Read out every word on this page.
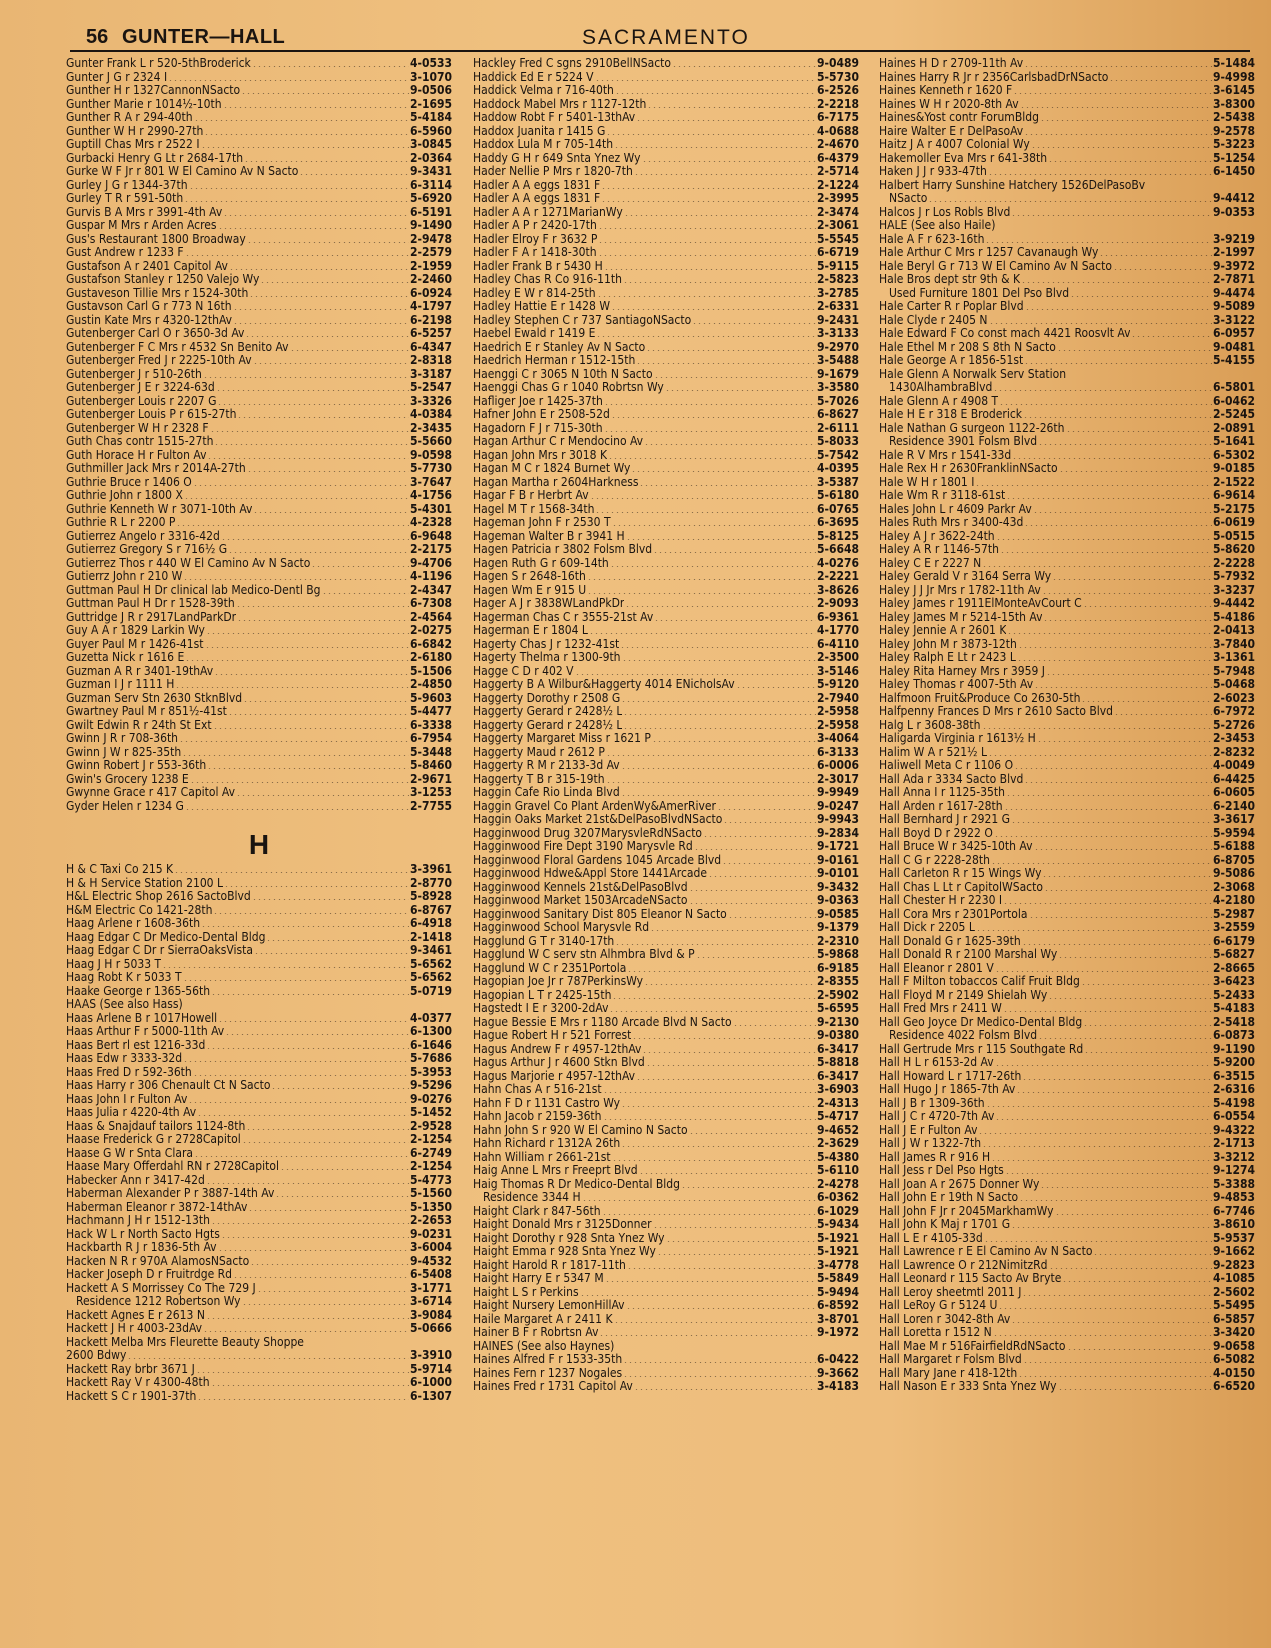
56 GUNTER—HALL	SACRAMENTO
Gunter Frank L r 520-5thBroderick	4-0533
Gunter J G r 2324 I	3-1070
Gunther H r 1327CannonNSacto	9-0506
Gunther Marie r 1014½-10th	2-1695
Gunther R A r 294-40th	5-4184
Gunther W H r 2990-27th	6-5960
Guptill Chas Mrs r 2522 I	3-0845
Gurbacki Henry G Lt r 2684-17th	2-0364
Gurke W F Jr r 801 W El Camino Av N Sacto	9-3431
Gurley J G r 1344-37th	6-3114
Gurley T R r 591-50th	5-6920
Gurvis B A Mrs r 3991-4th Av	6-5191
Guspar M Mrs r Arden Acres	9-1490
Gus's Restaurant 1800 Broadway	2-9478
Gust Andrew r 1233 F	2-2579
Gustafson A r 2401 Capitol Av	2-1959
Gustafson Stanley r 1250 Valejo Wy	2-2460
Gustaveson Tillie Mrs r 1524-30th	6-0924
Gustavson Carl G r 773 N 16th	4-1797
Gustin Kate Mrs r 4320-12thAv	6-2198
Gutenberger Carl O r 3650-3d Av	6-5257
Gutenberger F C Mrs r 4532 Sn Benito Av	6-4347
Gutenberger Fred J r 2225-10th Av	2-8318
Gutenberger J r 510-26th	3-3187
Gutenberger J E r 3224-63d	5-2547
Gutenberger Louis r 2207 G	3-3326
Gutenberger Louis P r 615-27th	4-0384
Gutenberger W H r 2328 F	2-3435
Guth Chas contr 1515-27th	5-5660
Guth Horace H r Fulton Av	9-0598
Guthmiller Jack Mrs r 2014A-27th	5-7730
Guthrie Bruce r 1406 O	3-7647
Guthrie John r 1800 X	4-1756
Guthrie Kenneth W r 3071-10th Av	5-4301
Guthrie R L r 2200 P	4-2328
Gutierrez Angelo r 3316-42d	6-9648
Gutierrez Gregory S r 716½ G	2-2175
Gutierrez Thos r 440 W El Camino Av N Sacto	9-4706
Gutierrz John r 210 W	4-1196
Guttman Paul H Dr clinical lab Medico-Dentl Bg	2-4347
Guttman Paul H Dr r 1528-39th	6-7308
Guttridge J R r 2917LandParkDr	2-4564
Guy A A r 1829 Larkin Wy	2-0275
Guyer Paul M r 1426-41st	6-6842
Guzetta Nick r 1616 E	2-6180
Guzman A R r 3401-19thAv	5-1506
Guzman I J r 1111 H	2-4850
Guzman Serv Stn 2630 StknBlvd	5-9603
Gwartney Paul M r 851½-41st	5-4477
Gwilt Edwin R r 24th St Ext	6-3338
Gwinn J R r 708-36th	6-7954
Gwinn J W r 825-35th	5-3448
Gwinn Robert J r 553-36th	5-8460
Gwin's Grocery 1238 E	2-9671
Gwynne Grace r 417 Capitol Av	3-1253
Gyder Helen r 1234 G	2-7755
H
H & C Taxi Co 215 K	3-3961
H & H Service Station 2100 L	2-8770
H&L Electric Shop 2616 SactoBlvd	5-8928
H&M Electric Co 1421-28th	6-8767
Haag Arlene r 1608-36th	6-4918
Haag Edgar C Dr Medico-Dental Bldg	2-1418
Haag Edgar C Dr r SierraOaksVista	9-3461
Haag J H r 5033 T	5-6562
Haag Robt K r 5033 T	5-6562
Haake George r 1365-56th	5-0719
HAAS (See also Hass)
Haas Arlene B r 1017Howell	4-0377
Haas Arthur F r 5000-11th Av	6-1300
Haas Bert rl est 1216-33d	6-1646
Haas Edw r 3333-32d	5-7686
Haas Fred D r 592-36th	5-3953
Haas Harry r 306 Chenault Ct N Sacto	9-5296
Haas John I r Fulton Av	9-0276
Haas Julia r 4220-4th Av	5-1452
Haas & Snajdauf tailors 1124-8th	2-9528
Haase Frederick G r 2728Capitol	2-1254
Haase G W r Snta Clara	6-2749
Haase Mary Offerdahl RN r 2728Capitol	2-1254
Habecker Ann r 3417-42d	5-4773
Haberman Alexander P r 3887-14th Av	5-1560
Haberman Eleanor r 3872-14thAv	5-1350
Hachmann J H r 1512-13th	2-2653
Hack W L r North Sacto Hgts	9-0231
Hackbarth R J r 1836-5th Av	3-6004
Hacken N R r 970A AlamosNSacto	9-4532
Hacker Joseph D r Fruitrdge Rd	6-5408
Hackett A S Morrissey Co The 729 J	3-1771
Residence 1212 Robertson Wy	3-6714
Hackett Agnes E r 2613 N	3-9084
Hackett J H r 4003-23dAv	5-0666
Hackett Melba Mrs Fleurette Beauty Shoppe
2600 Bdwy	3-3910
Hackett Ray brbr 3671 J	5-9714
Hackett Ray V r 4300-48th	6-1000
Hackett S C r 1901-37th	6-1307
Hackley Fred C sgns 2910BellNSacto	9-0489
Haddick Ed E r 5224 V	5-5730
Haddick Velma r 716-40th	6-2526
Haddock Mabel Mrs r 1127-12th	2-2218
Haddow Robt F r 5401-13thAv	6-7175
Haddox Juanita r 1415 G	4-0688
Haddox Lula M r 705-14th	2-4670
Haddy G H r 649 Snta Ynez Wy	6-4379
Hader Nellie P Mrs r 1820-7th	2-5714
Hadler A A eggs 1831 F	2-1224
Hadler A A eggs 1831 F	2-3995
Hadler A A r 1271MarianWy	2-3474
Hadler A P r 2420-17th	2-3061
Hadler Elroy F r 3632 P	5-5545
Hadler F A r 1418-30th	6-6719
Hadler Frank B r 5430 H	5-9115
Hadley Chas R Co 916-11th	2-5823
Hadley E W r 814-25th	3-2785
Hadley Hattie E r 1428 W	2-6331
Hadley Stephen C r 737 SantiagoNSacto	9-2431
Haebel Ewald r 1419 E	3-3133
Haedrich E r Stanley Av N Sacto	9-2970
Haedrich Herman r 1512-15th	3-5488
Haenggi C r 3065 N 10th N Sacto	9-1679
Haenggi Chas G r 1040 Robrtsn Wy	3-3580
Hafliger Joe r 1425-37th	5-7026
Hafner John E r 2508-52d	6-8627
Hagadorn F J r 715-30th	2-6111
Hagan Arthur C r Mendocino Av	5-8033
Hagan John Mrs r 3018 K	5-7542
Hagan M C r 1824 Burnet Wy	4-0395
Hagan Martha r 2604Harkness	3-5387
Hagar F B r Herbrt Av	5-6180
Hagel M T r 1568-34th	6-0765
Hageman John F r 2530 T	6-3695
Hageman Walter B r 3941 H	5-8125
Hagen Patricia r 3802 Folsm Blvd	5-6648
Hagen Ruth G r 609-14th	4-0276
Hagen S r 2648-16th	2-2221
Hagen Wm E r 915 U	3-8626
Hager A J r 3838WLandPkDr	2-9093
Hagerman Chas C r 3555-21st Av	6-9361
Hagerman E r 1804 L	4-1770
Hagerty Chas J r 1232-41st	6-4110
Hagerty Thelma r 1300-9th	2-3500
Hagge C D r 402 V	3-5146
Haggerty B A Wilbur&Haggerty 4014 ENicholsAv	5-9120
Haggerty Dorothy r 2508 G	2-7940
Haggerty Gerard r 2428½ L	2-5958
Haggerty Gerard r 2428½ L	2-5958
Haggerty Margaret Miss r 1621 P	3-4064
Haggerty Maud r 2612 P	6-3133
Haggerty R M r 2133-3d Av	6-0006
Haggerty T B r 315-19th	2-3017
Haggin Cafe Rio Linda Blvd	9-9949
Haggin Gravel Co Plant ArdenWy&AmerRiver	9-0247
Haggin Oaks Market 21st&DelPasoBlvdNSacto	9-9943
Hagginwood Drug 3207MarysvleRdNSacto	9-2834
Hagginwood Fire Dept 3190 Marysvle Rd	9-1721
Hagginwood Floral Gardens 1045 Arcade Blvd	9-0161
Hagginwood Hdwe&Appl Store 1441Arcade	9-0101
Hagginwood Kennels 21st&DelPasoBlvd	9-3432
Hagginwood Market 1503ArcadeNSacto	9-0363
Hagginwood Sanitary Dist 805 Eleanor N Sacto	9-0585
Hagginwood School Marysvle Rd	9-1379
Hagglund G T r 3140-17th	2-2310
Hagglund W C serv stn Alhmbra Blvd & P	5-9868
Hagglund W C r 2351Portola	6-9185
Hagopian Joe Jr r 787PerkinsWy	2-8355
Hagopian L T r 2425-15th	2-5902
Hagstedt I E r 3200-2dAv	5-6595
Hague Bessie E Mrs r 1180 Arcade Blvd N Sacto	9-2130
Hague Robert H r 521 Forrest	9-0380
Hagus Andrew F r 4957-12thAv	6-3417
Hagus Arthur J r 4600 Stkn Blvd	5-8818
Hagus Marjorie r 4957-12thAv	6-3417
Hahn Chas A r 516-21st	3-6903
Hahn F D r 1131 Castro Wy	2-4313
Hahn Jacob r 2159-36th	5-4717
Hahn John S r 920 W El Camino N Sacto	9-4652
Hahn Richard r 1312A 26th	2-3629
Hahn William r 2661-21st	5-4380
Haig Anne L Mrs r Freeprt Blvd	5-6110
Haig Thomas R Dr Medico-Dental Bldg	2-4278
Residence 3344 H	6-0362
Haight Clark r 847-56th	6-1029
Haight Donald Mrs r 3125Donner	5-9434
Haight Dorothy r 928 Snta Ynez Wy	5-1921
Haight Emma r 928 Snta Ynez Wy	5-1921
Haight Harold R r 1817-11th	3-4778
Haight Harry E r 5347 M	5-5849
Haight L S r Perkins	5-9494
Haight Nursery LemonHillAv	6-8592
Haile Margaret A r 2411 K	3-8701
Hainer B F r Robrtsn Av	9-1972
HAINES (See also Haynes)
Haines Alfred F r 1533-35th	6-0422
Haines Fern r 1237 Nogales	9-3662
Haines Fred r 1731 Capitol Av	3-4183
Haines H D r 2709-11th Av	5-1484
Haines Harry R Jr r 2356CarlsbadDrNSacto	9-4998
Haines Kenneth r 1620 F	3-6145
Haines W H r 2020-8th Av	3-8300
Haines&Yost contr ForumBldg	2-5438
Haire Walter E r DelPasoAv	9-2578
Haitz J A r 4007 Colonial Wy	5-3223
Hakemoller Eva Mrs r 641-38th	5-1254
Haken J J r 933-47th	6-1450
Halbert Harry Sunshine Hatchery 1526DelPasoBv
NSacto	9-4412
Halcos J r Los Robls Blvd	9-0353
HALE (See also Haile)
Hale A F r 623-16th	3-9219
Hale Arthur C Mrs r 1257 Cavanaugh Wy	2-1997
Hale Beryl G r 713 W El Camino Av N Sacto	9-3972
Hale Bros dept str 9th & K	2-7871
Used Furniture 1801 Del Pso Blvd	9-4474
Hale Carter R r Poplar Blvd	9-5089
Hale Clyde r 2405 N	3-3122
Hale Edward F Co const mach 4421 Roosvlt Av	6-0957
Hale Ethel M r 208 S 8th N Sacto	9-0481
Hale George A r 1856-51st	5-4155
Hale Glenn A Norwalk Serv Station
1430AlhambraBlvd	6-5801
Hale Glenn A r 4908 T	6-0462
Hale H E r 318 E Broderick	2-5245
Hale Nathan G surgeon 1122-26th	2-0891
Residence 3901 Folsm Blvd	5-1641
Hale R V Mrs r 1541-33d	6-5302
Hale Rex H r 2630FranklinNSacto	9-0185
Hale W H r 1801 I	2-1522
Hale Wm R r 3118-61st	6-9614
Hales John L r 4609 Parkr Av	5-2175
Hales Ruth Mrs r 3400-43d	6-0619
Haley A J r 3622-24th	5-0515
Haley A R r 1146-57th	5-8620
Haley C E r 2227 N	2-2228
Haley Gerald V r 3164 Serra Wy	5-7932
Haley J J Jr Mrs r 1782-11th Av	3-3237
Haley James r 1911ElMonteAvCourt C	9-4442
Haley James M r 5214-15th Av	5-4186
Haley Jennie A r 2601 K	2-0413
Haley John M r 3873-12th	3-7840
Haley Ralph E Lt r 2423 L	3-1361
Haley Rita Harney Mrs r 3959 J	5-7948
Haley Thomas r 4007-5th Av	5-0468
Halfmoon Fruit&Produce Co 2630-5th	2-6023
Halfpenny Frances D Mrs r 2610 Sacto Blvd	6-7972
Halg L r 3608-38th	5-2726
Haligarda Virginia r 1613½ H	2-3453
Halim W A r 521½ L	2-8232
Haliwell Meta C r 1106 O	4-0049
Hall Ada r 3334 Sacto Blvd	6-4425
Hall Anna I r 1125-35th	6-0605
Hall Arden r 1617-28th	6-2140
Hall Bernhard J r 2921 G	3-3617
Hall Boyd D r 2922 O	5-9594
Hall Bruce W r 3425-10th Av	5-6188
Hall C G r 2228-28th	6-8705
Hall Carleton R r 15 Wings Wy	9-5086
Hall Chas L Lt r CapitolWSacto	2-3068
Hall Chester H r 2230 I	4-2180
Hall Cora Mrs r 2301Portola	5-2987
Hall Dick r 2205 L	3-2559
Hall Donald G r 1625-39th	6-6179
Hall Donald R r 2100 Marshal Wy	5-6827
Hall Eleanor r 2801 V	2-8665
Hall F Milton tobaccos Calif Fruit Bldg	3-6423
Hall Floyd M r 2149 Shielah Wy	5-2433
Hall Fred Mrs r 2411 W	5-4183
Hall Geo Joyce Dr Medico-Dental Bldg	2-5418
Residence 4022 Folsm Blvd	6-0873
Hall Gertrude Mrs r 115 Southgate Rd	9-1190
Hall H L r 6153-2d Av	5-9200
Hall Howard L r 1717-26th	6-3515
Hall Hugo J r 1865-7th Av	2-6316
Hall J B r 1309-36th	5-4198
Hall J C r 4720-7th Av	6-0554
Hall J E r Fulton Av	9-4322
Hall J W r 1322-7th	2-1713
Hall James R r 916 H	3-3212
Hall Jess r Del Pso Hgts	9-1274
Hall Joan A r 2675 Donner Wy	5-3388
Hall John E r 19th N Sacto	9-4853
Hall John F Jr r 2045MarkhamWy	6-7746
Hall John K Maj r 1701 G	3-8610
Hall L E r 4105-33d	5-9537
Hall Lawrence r E El Camino Av N Sacto	9-1662
Hall Lawrence O r 212NimitzRd	9-2823
Hall Leonard r 115 Sacto Av Bryte	4-1085
Hall Leroy sheetmtl 2011 J	2-5602
Hall LeRoy G r 5124 U	5-5495
Hall Loren r 3042-8th Av	6-5857
Hall Loretta r 1512 N	3-3420
Hall Mae M r 516FairfieldRdNSacto	9-0658
Hall Margaret r Folsm Blvd	6-5082
Hall Mary Jane r 418-12th	4-0150
Hall Nason E r 333 Snta Ynez Wy	6-6520
